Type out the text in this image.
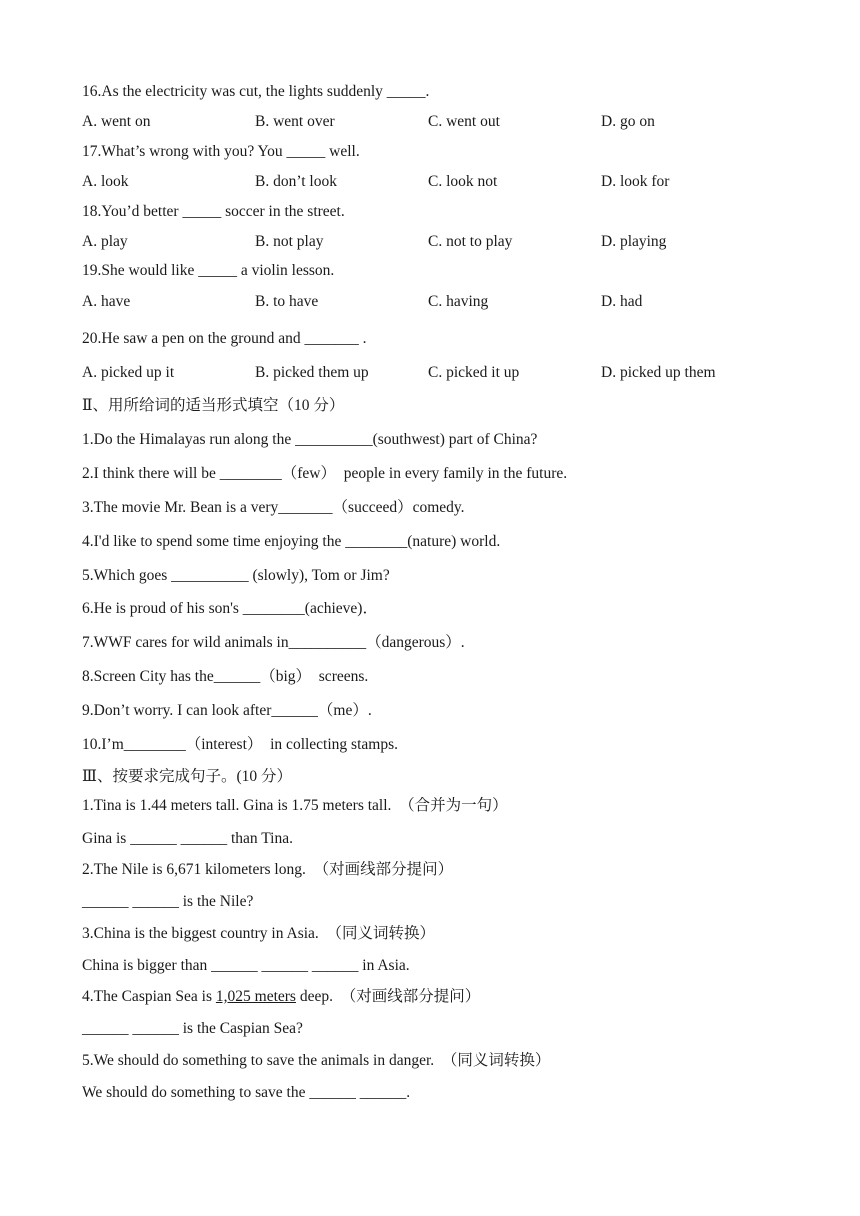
16.As the electricity was cut, the lights suddenly _____.
A. went on	B. went over	C. went out	D. go on
17.What’s wrong with you? You _____ well.
A. look	B. don’t look	C. look not	D. look for
18.You’d better _____ soccer in the street.
A. play	B. not play	C. not to play	D. playing
19.She would like _____ a violin lesson.
A. have	B. to have	C. having	D. had
20.He saw a pen on the ground and _______ .
A. picked up it	B. picked them up	C. picked it up	D. picked up them
Ⅱ、用所给词的适当形式填空（10 分）
1.Do the Himalayas run along the __________(southwest) part of China?
2.I think there will be ________（few）  people in every family in the future.
3.The movie Mr. Bean is a very_______（succeed）comedy.
4.I'd like to spend some time enjoying the ________(nature) world.
5.Which goes __________ (slowly), Tom or Jim?
6.He is proud of his son's ________(achieve)．
7.WWF cares for wild animals in__________（dangerous）.
8.Screen City has the______（big）  screens.
9.Don’t worry. I can look after______（me）.
10.I’m________（interest）  in collecting stamps.
Ⅲ、按要求完成句子。(10 分）
1.Tina is 1.44 meters tall. Gina is 1.75 meters tall.  （合并为一句）
Gina is ______ ______ than Tina.
2.The Nile is 6,671 kilometers long.  （对画线部分提问）
______ ______ is the Nile?
3.China is the biggest country in Asia.  （同义词转换）
China is bigger than ______ ______ ______ in Asia.
4.The Caspian Sea is 1,025 meters deep.  （对画线部分提问）
______ ______ is the Caspian Sea?
5.We should do something to save the animals in danger.  （同义词转换）
We should do something to save the ______ ______.
